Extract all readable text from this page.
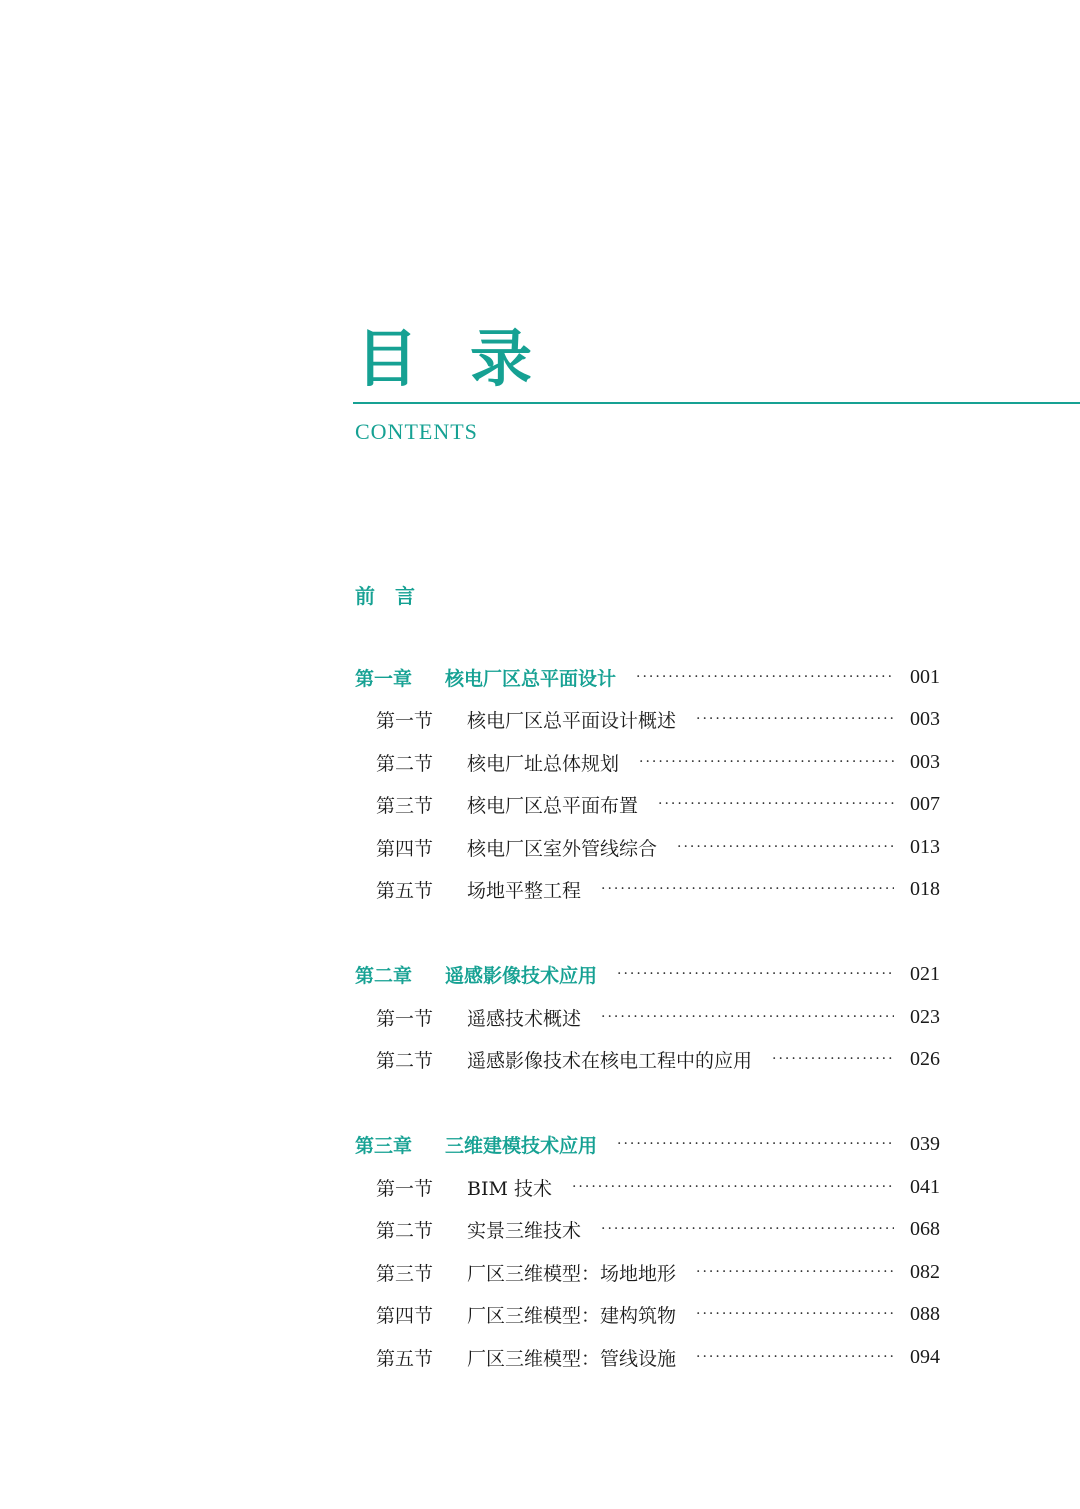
目录
CONTENTS
前言
第一章	核电厂区总平面设计 ·····	001
第一节	核电厂区总平面设计概述 ·····	003
第二节	核电厂址总体规划 ·····	003
第三节	核电厂区总平面布置 ·····	007
第四节	核电厂区室外管线综合 ·····	013
第五节	场地平整工程 ·····	018
第二章	遥感影像技术应用 ·····	021
第一节	遥感技术概述 ·····	023
第二节	遥感影像技术在核电工程中的应用 ·····	026
第三章	三维建模技术应用 ·····	039
第一节	BIM 技术 ·····	041
第二节	实景三维技术 ·····	068
第三节	厂区三维模型：场地地形 ·····	082
第四节	厂区三维模型：建构筑物 ·····	088
第五节	厂区三维模型：管线设施 ·····	094
